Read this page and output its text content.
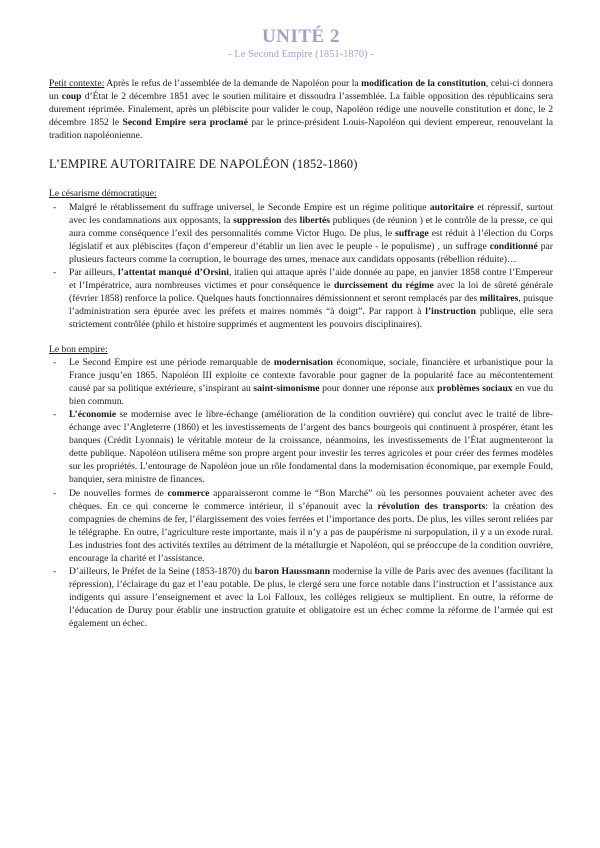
UNITÉ 2
- Le Second Empire (1851-1870) -

Petit contexte: Après le refus de l’assemblée de la demande de Napoléon pour la modification de la constitution, celui-ci donnera un coup d’État le 2 décembre 1851 avec le soutien militaire et dissoudra l’assemblée. La faible opposition des républicains sera durement réprimée. Finalement, après un plébiscite pour valider le coup, Napoléon rédige une nouvelle constitution et donc, le 2 décembre 1852 le Second Empire sera proclamé par le prince-président Louis-Napoléon qui devient empereur, renouvelant la tradition napoléonienne.

L’EMPIRE AUTORITAIRE DE NAPOLÉON (1852-1860)
Le césarisme démocratique:
- Malgré le rétablissement du suffrage universel, le Seconde Empire est un régime politique autoritaire et répressif, surtout avec les condamnations aux opposants, la suppression des libertés publiques (de réunion ) et le contrôle de la presse, ce qui aura comme conséquence l’exil des personnalités comme Victor Hugo. De plus, le suffrage est réduit à l’élection du Corps législatif et aux plébiscites (façon d’empereur d’établir un lien avec le peuple - le populisme) , un suffrage conditionné par plusieurs facteurs comme la corruption, le bourrage des urnes, menace aux candidats opposants (rébellion réduite)…
- Par ailleurs, l’attentat manqué d’Orsini, italien qui attaque après l’aide donnée au pape, en janvier 1858 contre l’Empereur et l’Impératrice, aura nombreuses victimes et pour conséquence le durcissement du régime avec la loi de sûreté générale (février 1858) renforce la police. Quelques hauts fonctionnaires démissionnent et seront remplacés par des militaires, puisque l’administration sera épurée avec les préfets et maires nommés “à doigt”. Par rapport à l’instruction publique, elle sera strictement contrôlée (philo et histoire supprimés et augmentent les pouvoirs disciplinaires).
Le bon empire:
- Le Second Empire est une période remarquable de modernisation économique, sociale, financière et urbanistique pour la France jusqu’en 1865. Napoléon III exploite ce contexte favorable pour gagner de la popularité face au mécontentement causé par sa politique extérieure, s’inspirant au saint-simonisme pour donner une réponse aux problèmes sociaux en vue du bien commun.
- L’économie se modernise avec le libre-échange (amélioration de la condition ouvrière) qui conclut avec le traité de libre-échange avec l’Angleterre (1860) et les investissements de l’argent des bancs bourgeois qui continuent à prospérer, étant les banques (Crédit Lyonnais) le véritable moteur de la croissance, néanmoins, les investissements de l’État augmenteront la dette publique. Napoléon utilisera même son propre argent pour investir les terres agricoles et pour créer des fermes modèles sur les propriétés. L’entourage de Napoléon joue un rôle fondamental dans la modernisation économique, par exemple Fould, banquier, sera ministre de finances.
- De nouvelles formes de commerce apparaisseront comme le “Bon Marché” où les personnes pouvaient acheter avec des chèques. En ce qui concerne le commerce intérieur, il s’épanouit avec la révolution des transports: la création des compagnies de chemins de fer, l’élargissement des voies ferrées et l’importance des ports. De plus, les villes seront reliées par le télégraphe. En outre, l’agriculture reste importante, mais il n’y a pas de paupérisme ni surpopulation, il y a un exode rural. Les industries font des activités textiles au détriment de la métallurgie et Napoléon, qui se préoccupe de la condition ouvrière, encourage la charité et l’assistance.
- D’ailleurs, le Préfet de la Seine (1853-1870) du baron Haussmann modernise la ville de Paris avec des avenues (facilitant la répression), l’éclairage du gaz et l’eau potable. De plus, le clergé sera une force notable dans l’instruction et l’assistance aux indigents qui assure l’enseignement et avec la Loi Falloux, les collèges religieux se multiplient. En outre, la réforme de l’éducation de Duruy pour établir une instruction gratuite et obligatoire est un échec comme la réforme de l’armée qui est également un échec.
